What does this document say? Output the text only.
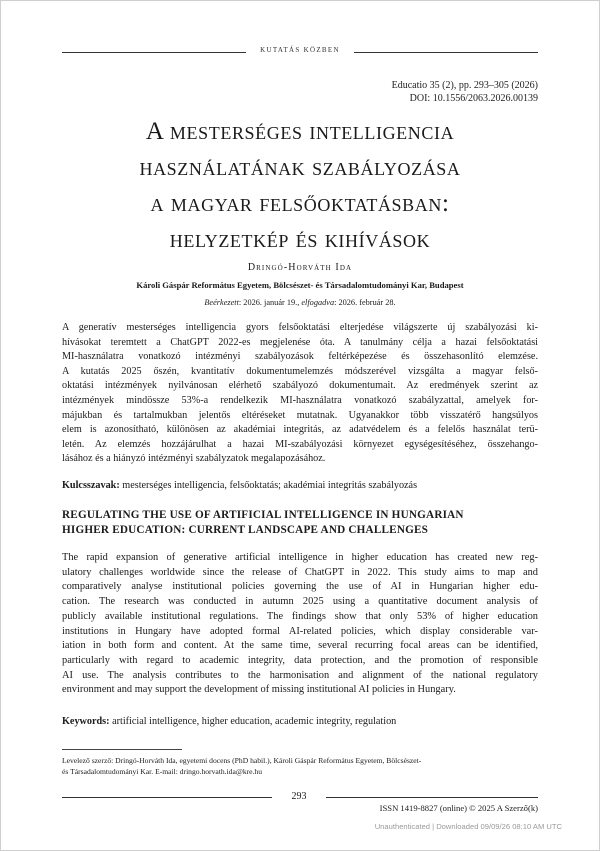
KUTATÁS KÖZBEN
Educatio 35 (2), pp. 293–305 (2026)
DOI: 10.1556/2063.2026.00139
A mesterséges intelligencia
használatának szabályozása
a magyar felsőoktatásban:
helyzetkép és kihívások
Dringó-Horváth Ida
Károli Gáspár Református Egyetem, Bölcsészet- és Társadalomtudományi Kar, Budapest
Beérkezett: 2026. január 19., elfogadva: 2026. február 28.
A generatív mesterséges intelligencia gyors felsőoktatási elterjedése világszerte új szabályozási ki-
hívásokat teremtett a ChatGPT 2022-es megjelenése óta. A tanulmány célja a hazai felsőoktatási
MI-használatra vonatkozó intézményi szabályozások feltérképezése és összehasonlító elemzése.
A kutatás 2025 őszén, kvantitatív dokumentumelemzés módszerével vizsgálta a magyar felső-
oktatási intézmények nyilvánosan elérhető szabályozó dokumentumait. Az eredmények szerint az
intézmények mindössze 53%-a rendelkezik MI-használatra vonatkozó szabályzattal, amelyek for-
májukban és tartalmukban jelentős eltéréseket mutatnak. Ugyanakkor több visszatérő hangsúlyos
elem is azonosítható, különösen az akadémiai integritás, az adatvédelem és a felelős használat terü-
letén. Az elemzés hozzájárulhat a hazai MI-szabályozási környezet egységesítéséhez, összehango-
lásához és a hiányzó intézményi szabályzatok megalapozásához.
Kulcsszavak: mesterséges intelligencia, felsőoktatás; akadémiai integritás szabályozás
REGULATING THE USE OF ARTIFICIAL INTELLIGENCE IN HUNGARIAN
HIGHER EDUCATION: CURRENT LANDSCAPE AND CHALLENGES
The rapid expansion of generative artificial intelligence in higher education has created new reg-
ulatory challenges worldwide since the release of ChatGPT in 2022. This study aims to map and
comparatively analyse institutional policies governing the use of AI in Hungarian higher edu-
cation. The research was conducted in autumn 2025 using a quantitative document analysis of
publicly available institutional regulations. The findings show that only 53% of higher education
institutions in Hungary have adopted formal AI-related policies, which display considerable var-
iation in both form and content. At the same time, several recurring focal areas can be identified,
particularly with regard to academic integrity, data protection, and the promotion of responsible
AI use. The analysis contributes to the harmonisation and alignment of the national regulatory
environment and may support the development of missing institutional AI policies in Hungary.
Keywords: artificial intelligence, higher education, academic integrity, regulation
Levelező szerző: Dringó-Horváth Ida, egyetemi docens (PhD habil.), Károli Gáspár Református Egyetem, Bölcsészet-
és Társadalomtudományi Kar. E-mail: dringo.horvath.ida@kre.hu
293
ISSN 1419-8827 (online) © 2025 A Szerző(k)
Unauthenticated | Downloaded 09/09/26 08:10 AM UTC
